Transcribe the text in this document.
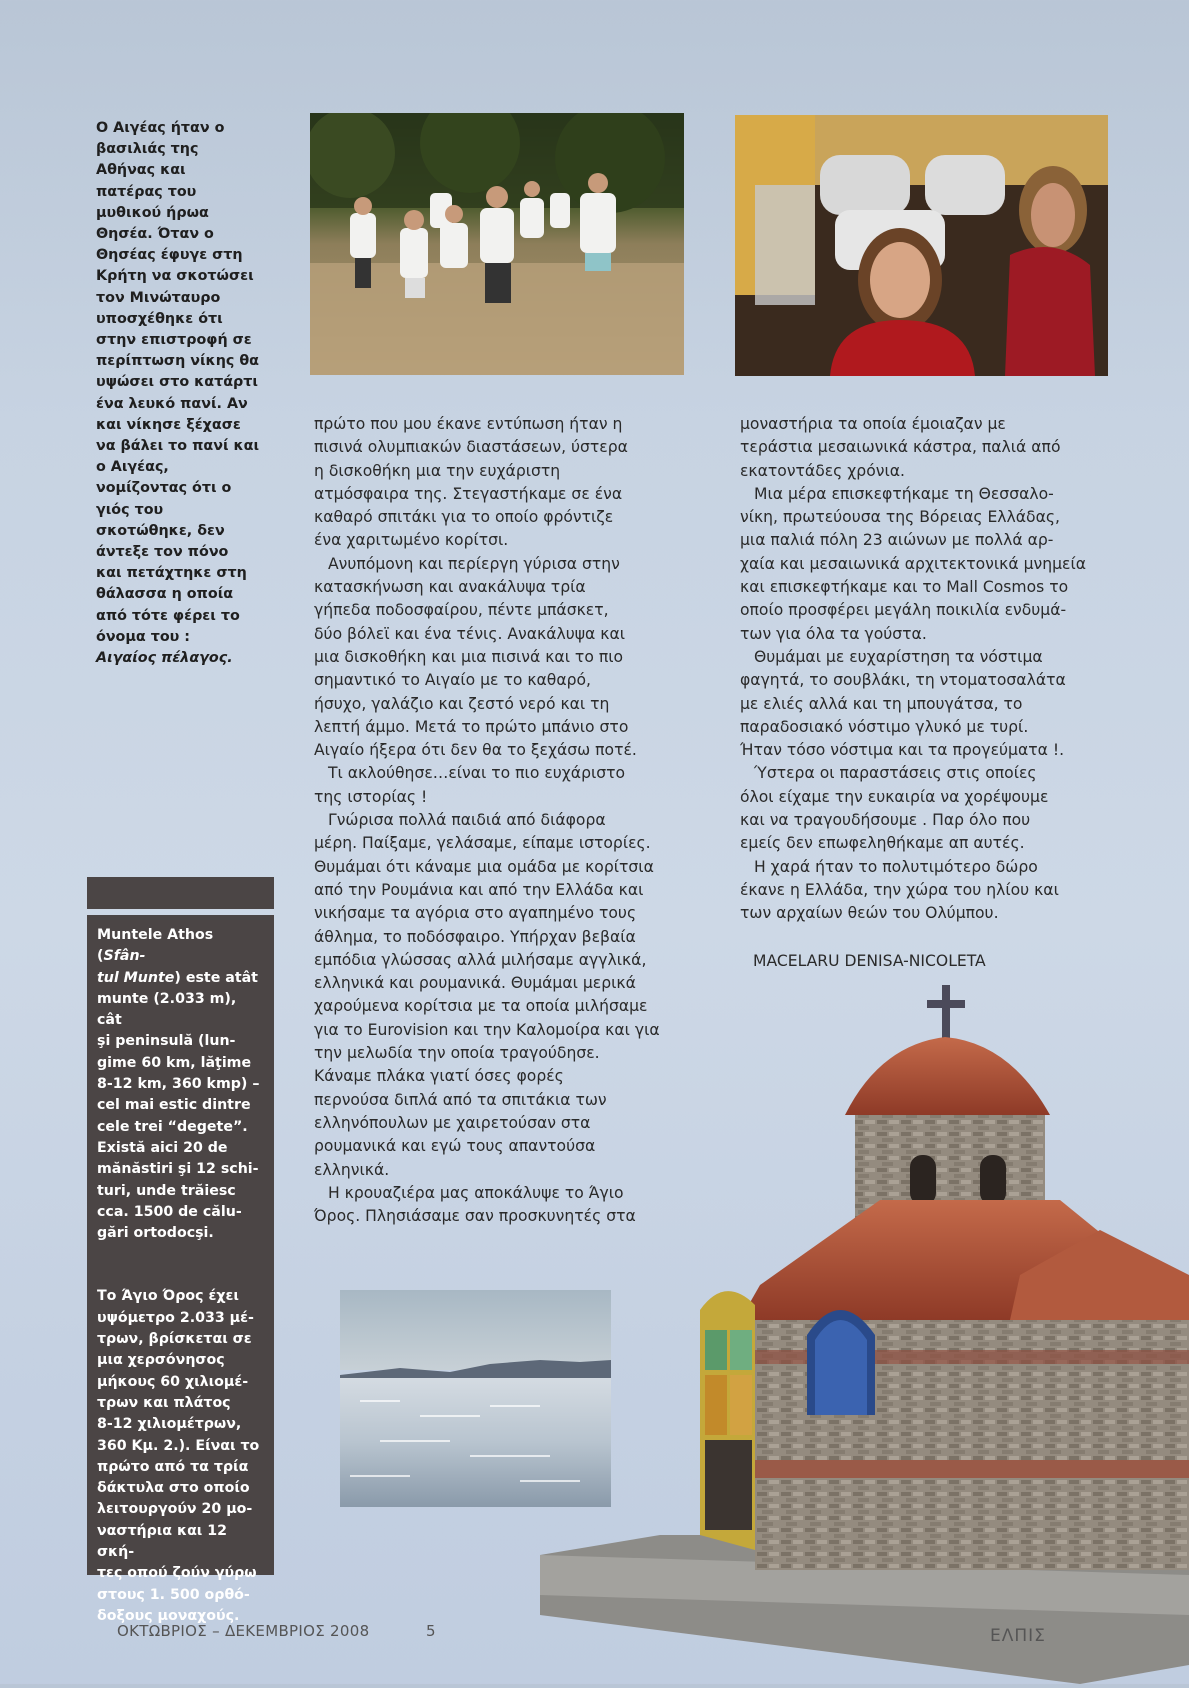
Ο Αιγέας ήταν ο

βασιλιάς της

Αθήνας και

πατέρας του

μυθικού ήρωα

Θησέα. Όταν ο

Θησέας έφυγε στη

Κρήτη να σκοτώσει

τον Μινώταυρο

υποσχέθηκε ότι

στην επιστροφή σε

περίπτωση νίκης θα

υψώσει στο κατάρτι

ένα λευκό πανί. Αν

και νίκησε ξέχασε

να βάλει το πανί και

ο Αιγέας,

νομίζοντας ότι ο

γιός του

σκοτώθηκε, δεν

άντεξε τον πόνο

και πετάχτηκε στη

θάλασσα η οποία

από τότε φέρει το

όνομα του :

Αιγαίος πέλαγος.

Muntele Athos (Sfân-
tul Munte) este atât

munte (2.033 m), cât

şi peninsulă (lun-

gime 60 km, lăţime

8-12 km, 360 kmp) –

cel mai estic dintre

cele trei “degete”.

Există aici 20 de

mănăstiri şi 12 schi-

turi, unde trăiesc

cca. 1500 de călu-

gări ortodocşi.

Το Άγιο Όρος έχει

υψόμετρο 2.033 μέ-

τρων, βρίσκεται σε

μια χερσόνησος

μήκους 60 χιλιομέ-

τρων και πλάτος

8-12 χιλιομέτρων,

360 Κμ. 2.). Είναι το

πρώτο από τα τρία

δάκτυλα στο οποίο

λειτουργούν 20 μο-

ναστήρια και 12 σκή-

τες οπού ζούν γύρω

στους 1. 500 ορθό-

δοξους μοναχούς.

πρώτο που μου έκανε εντύπωση ήταν η

πισινά ολυμπιακών διαστάσεων, ύστερα

η δισκοθήκη μια την ευχάριστη

ατμόσφαιρα της. Στεγαστήκαμε σε ένα

καθαρό σπιτάκι για το οποίο φρόντιζε

ένα χαριτωμένο κορίτσι.

Ανυπόμονη και περίεργη γύρισα στην

κατασκήνωση και ανακάλυψα τρία

γήπεδα ποδοσφαίρου, πέντε μπάσκετ,

δύο βόλεϊ και ένα τένις. Ανακάλυψα και

μια δισκοθήκη και μια πισινά και το πιο

σημαντικό το Αιγαίο με το καθαρό,

ήσυχο, γαλάζιο και ζεστό νερό και τη

λεπτή άμμο. Μετά το πρώτο μπάνιο στο

Αιγαίο ήξερα ότι δεν θα το ξεχάσω ποτέ.

Τι ακλούθησε…είναι το πιο ευχάριστο

της ιστορίας !

Γνώρισα πολλά παιδιά από διάφορα

μέρη. Παίξαμε, γελάσαμε, είπαμε ιστορίες.

Θυμάμαι ότι κάναμε μια ομάδα με κορίτσια

από την Ρουμάνια και από την Ελλάδα και

νικήσαμε τα αγόρια στο αγαπημένο τους

άθλημα, το ποδόσφαιρο. Υπήρχαν βεβαία

εμπόδια γλώσσας αλλά μιλήσαμε αγγλικά,

ελληνικά και ρουμανικά. Θυμάμαι μερικά

χαρούμενα κορίτσια με τα οποία μιλήσαμε

για το Eurovision και την Καλομοίρα και για

την μελωδία την οποία τραγούδησε.

Κάναμε πλάκα γιατί όσες φορές

περνούσα διπλά από τα σπιτάκια των

ελληνόπουλων με χαιρετούσαν στα

ρουμανικά και εγώ τους απαντούσα

ελληνικά.

Η κρουαζιέρα μας αποκάλυψε το Άγιο

Όρος. Πλησιάσαμε σαν προσκυνητές στα

μοναστήρια τα οποία έμοιαζαν με

τεράστια μεσαιωνικά κάστρα, παλιά από

εκατοντάδες χρόνια.

Μια μέρα επισκεφτήκαμε τη Θεσσαλο-

νίκη, πρωτεύουσα της Βόρειας Ελλάδας,

μια παλιά πόλη 23 αιώνων με πολλά αρ-

χαία και μεσαιωνικά αρχιτεκτονικά μνημεία

και επισκεφτήκαμε και το Mall Cosmos το

οποίο προσφέρει μεγάλη ποικιλία ενδυμά-

των για όλα τα γούστα.

Θυμάμαι με ευχαρίστηση τα νόστιμα

φαγητά, το σουβλάκι, τη ντοματοσαλάτα

με ελιές αλλά και τη μπουγάτσα, το

παραδοσιακό νόστιμο γλυκό με τυρί.

Ήταν τόσο νόστιμα και τα προγεύματα !.

Ύστερα οι παραστάσεις στις οποίες

όλοι είχαμε την ευκαιρία να χορέψουμε

και να τραγουδήσουμε . Παρ όλο που

εμείς δεν επωφεληθήκαμε απ αυτές.

Η χαρά ήταν το πολυτιμότερο δώρο

έκανε η Ελλάδα, την χώρα του ηλίου και

των αρχαίων θεών του Ολύμπου.

MACELARU DENISA-NICOLETA
ΟΚΤΩΒΡΙΟΣ – ΔΕΚΕΜΒΡΙΟΣ 2008	5	ΕΛΠΙΣ
